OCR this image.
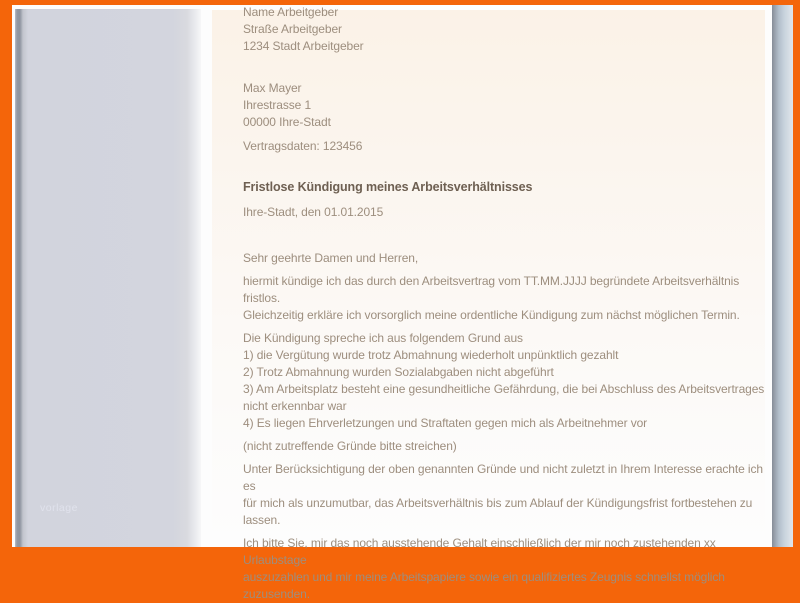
vorlage
Name Arbeitgeber
Straße Arbeitgeber
1234 Stadt Arbeitgeber
Max Mayer
Ihrestrasse 1
00000 Ihre-Stadt
Vertragsdaten: 123456
Fristlose Kündigung meines Arbeitsverhältnisses
Ihre-Stadt, den 01.01.2015
Sehr geehrte Damen und Herren,
hiermit kündige ich das durch den Arbeitsvertrag vom TT.MM.JJJJ begründete Arbeitsverhältnis fristlos.
Gleichzeitig erkläre ich vorsorglich meine ordentliche Kündigung zum nächst möglichen Termin.
Die Kündigung spreche ich aus folgendem Grund aus
1) die Vergütung wurde trotz Abmahnung wiederholt unpünktlich gezahlt
2) Trotz Abmahnung wurden Sozialabgaben nicht abgeführt
3) Am Arbeitsplatz besteht eine gesundheitliche Gefährdung, die bei Abschluss des Arbeitsvertrages
nicht erkennbar war
4) Es liegen Ehrverletzungen und Straftaten gegen mich als Arbeitnehmer vor
(nicht zutreffende Gründe bitte streichen)
Unter Berücksichtigung der oben genannten Gründe und nicht zuletzt in Ihrem Interesse erachte ich es
für mich als unzumutbar, das Arbeitsverhältnis bis zum Ablauf der Kündigungsfrist fortbestehen zu
lassen.
Ich bitte Sie, mir das noch ausstehende Gehalt einschließlich der mir noch zustehenden xx Urlaubstage
auszuzahlen und mir meine Arbeitspapiere sowie ein qualifiziertes Zeugnis schnellst möglich
zuzusenden.
